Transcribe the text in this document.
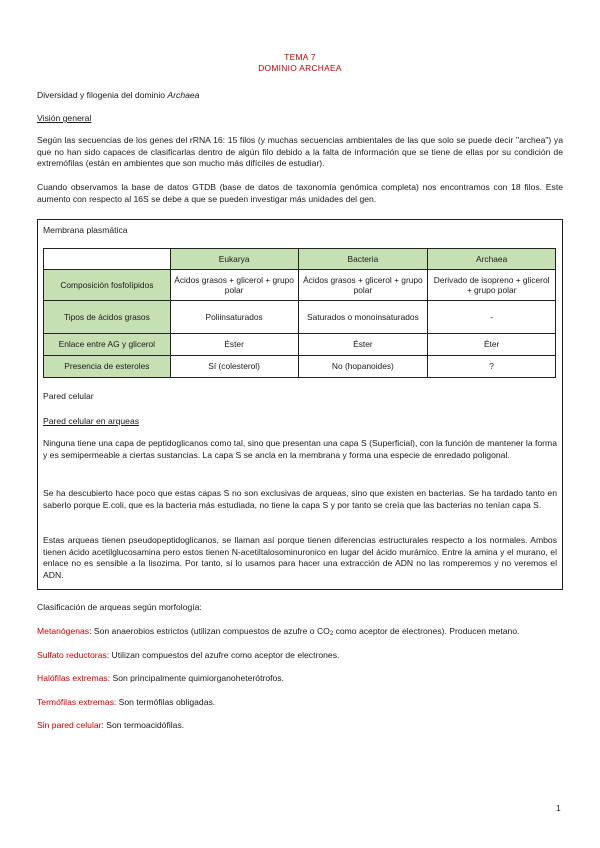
TEMA 7
DOMINIO ARCHAEA
Diversidad y filogenia del dominio Archaea
Visión general
Según las secuencias de los genes del rRNA 16: 15 filos (y muchas secuencias ambientales de las que solo se puede decir "archea") ya que no han sido capaces de clasificarlas dentro de algún filo debido a la falta de información que se tiene de ellas por su condición de extremófilas (están en ambientes que son mucho más difíciles de estudiar).
Cuando observamos la base de datos GTDB (base de datos de taxonomía genómica completa) nos encontramos con 18 filos. Este aumento con respecto al 16S se debe a que se pueden investigar más unidades del gen.
Membrana plasmática
	Eukarya	Bacteria	Archaea
Composición fosfolípidos	Ácidos grasos + glicerol + grupo polar	Ácidos grasos + glicerol + grupo polar	Derivado de isopreno + glicerol + grupo polar
Tipos de ácidos grasos	Poliinsaturados	Saturados o monoinsaturados	-
Enlace entre AG y glicerol	Éster	Éster	Éter
Presencia de esteroles	Sí (colesterol)	No (hopanoides)	?
Pared celular
Pared celular en arqueas
Ninguna tiene una capa de peptidoglicanos como tal, sino que presentan una capa S (Superficial), con la función de mantener la forma y es semipermeable a ciertas sustancias. La capa S se ancla en la membrana y forma una especie de enredado poligonal.
Se ha descubierto hace poco que estas capas S no son exclusivas de arqueas, sino que existen en bacterias. Se ha tardado tanto en saberlo porque E.coli, que es la bacteria más estudiada, no tiene la capa S y por tanto se creía que las bacterias no tenían capa S.
Estas arqueas tienen pseudopeptidoglicanos, se llaman así porque tienen diferencias estructurales respecto a los normales. Ambos tienen ácido acetilglucosamina pero estos tienen N-acetiltalosominuronico en lugar del ácido murámico. Entre la amina y el murano, el enlace no es sensible a la lisozima. Por tanto, si lo usamos para hacer una extracción de ADN no las romperemos y no veremos el ADN.
Clasificación de arqueas según morfología:
Metanógenas: Son anaerobios estrictos (utilizan compuestos de azufre o $CO_2$ como aceptor de electrones). Producen metano.
Sulfato reductoras: Utilizan compuestos del azufre como aceptor de electrones.
Halófilas extremas: Son principalmente quimiorganoheterótrofos.
Termófilas extremas: Son termófilas obligadas.
Sin pared celular: Son termoacidófilas.
1
